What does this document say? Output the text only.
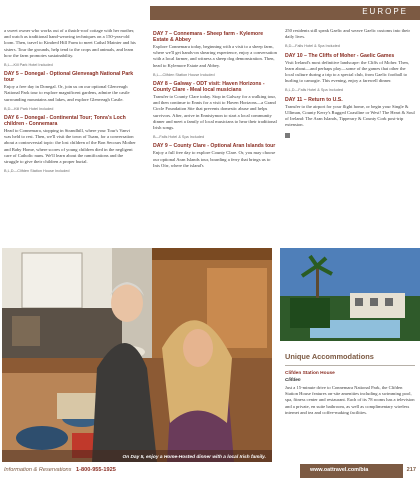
EUROPE

a sweet owner who works out of a thatch-roof cottage with her mother, and watch as traditional hand-weaving techniques on a 150-year-old loom. Then, travel to Kindred Hill Farm to meet Cathal Mainier and his sisters. Tour the grounds, help tend to the crops and animals, and learn how the farm promotes sustainability.

B,L—Kill Park Hotel Included
DAY 5 – Donegal - Optional Glenveagh National Park tour

Enjoy a free day in Donegal. Or, join us on our optional Glenveagh National Park tour to explore magnificent gardens, admire the castle surrounding mountains and lakes, and explore Glenveagh Castle.

B,D—Kill Park Hotel Included
DAY 6 – Donegal - Continental Tour; Tonra's Loch children - Connemara

Head to Connemara, stopping in Strandhill, where your Tour's Vanvi was held to rest. Then, we'll visit the town of Tuam, for a conversation about a controversial topic: the lost children of the Bon Secours Mother and Baby Home, where scores of young children died in the negligent care of Catholic nuns. We'll learn about the ramifications and the struggle to give their children a proper burial.

B,L,D—Clifden Station House Included
DAY 7 – Connemara - Sheep farm - Kylemore Estate & Abbey

Explore Connemara today, beginning with a visit to a sheep farm, where we'll get hands-on shearing experience, enjoy a conversation with a local farmer, and witness a sheep dog demonstration. Then, head to Kylemore Estate and Abbey.

B,L—Clifden Station House Included
DAY 8 – Galway - ODT visit: Haven Horizons - County Clare - Meal local musicians

Transfer to County Clare today. Stop in Galway for a walking tour, and then continue to Ennis for a visit to Haven Horizons—a Grand Circle Foundation Site that prevents domestic abuse and helps survivors. After, arrive in Ennistymon to start a local community dinner and meet a family of local musicians to hear their traditional Irish songs.

B—Falls Hotel & Spa Included
DAY 9 – County Clare - Optional Aran Islands tour

Enjoy a full free day to explore County Clare. Or, you may choose our optional Aran Islands tour, boarding a ferry that brings us to Inis Oírr, where the island's

250 residents still speak Gaelic and weave Gaelic customs into their daily lives.

B,D—Falls Hotel & Spa Included
DAY 10 – The Cliffs of Moher - Gaelic Games

Visit Ireland's most definitive landscape: the Cliffs of Moher. Then, learn about—and perhaps play—some of the games that other the local culture during a trip to a special club, from Gaelic football to hurling to camogie. This evening, enjoy a farewell dinner.

B,L,D—Falls Hotel & Spa Included
DAY 11 – Return to U.S.

Transfer to the airport for your flight home, or begin your Single & Ulliman, County Kerry's Rugged Coastline or West! The Heart & Soul of Ireland: The Aran Islands, Tipperary & County Cork post-trip extension.

On Day 5, enjoy a Home-Hosted dinner with a local Irish family.
Unique Accommodations

Clifden Station House

Clifden

Just a 15-minute drive to Connemara National Park, the Clifden Station House features on-site amenities including a swimming pool, spa, fitness center and restaurant. Each of its 78 rooms has a television and a private, en suite bathroom, as well as complimentary wireless internet and tea and coffee-making facilities.

Information & Reservations 1-800-955-1925	www.oattravel.com/bia	217
